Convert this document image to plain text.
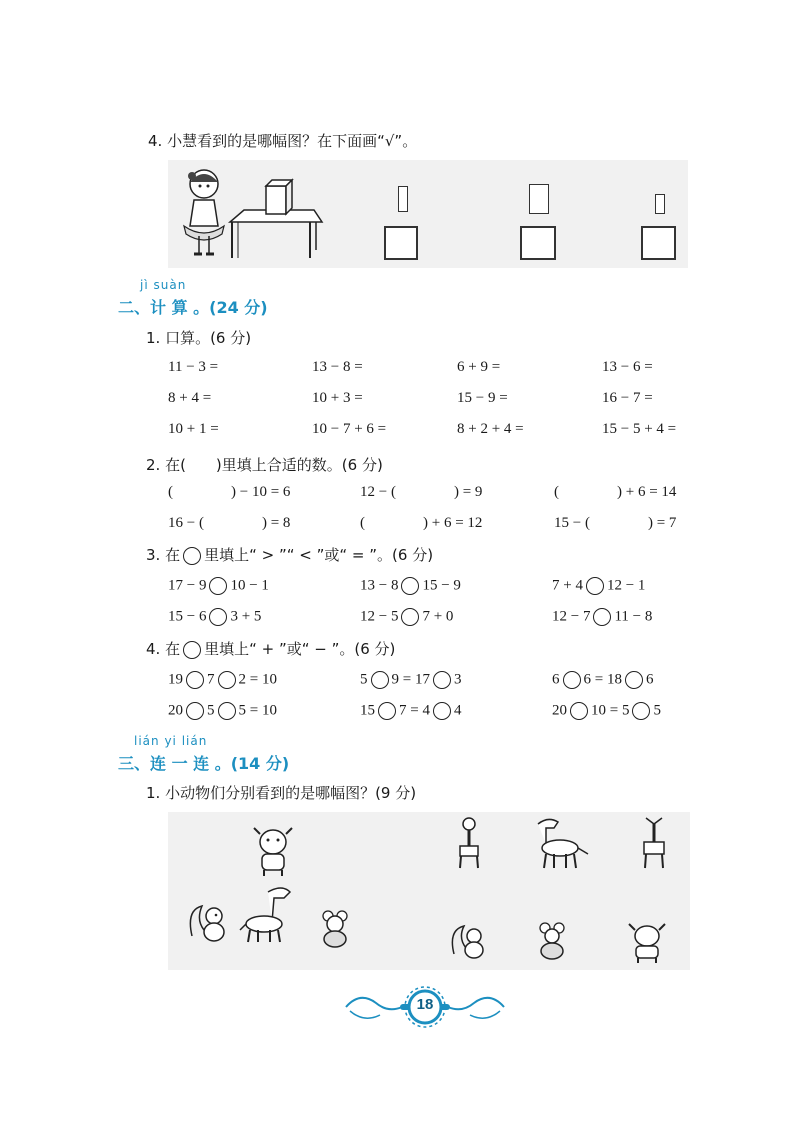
4. 小慧看到的是哪幅图？在下面画“√”。
jì suàn
二、计 算 。(24 分)
1. 口算。(6 分)
11 − 3 =	13 − 8 =	6 + 9 =	13 − 6 =
8 + 4 =	10 + 3 =	15 − 9 =	16 − 7 =
10 + 1 =	10 − 7 + 6 =	8 + 2 + 4 =	15 − 5 + 4 =
2. 在(　　)里填上合适的数。(6 分)
(	) − 10 = 6	12 − (	) = 9	(	) + 6 = 14
16 − (	) = 8	(	) + 6 = 12	15 − (	) = 7
3. 在 里填上“ > ”“ < ”或“ = ”。(6 分)
17 − 9 10 − 1	13 − 8 15 − 9	7 + 4 12 − 1
15 − 6 3 + 5	12 − 5 7 + 0	12 − 7 11 − 8
4. 在 里填上“ + ”或“ − ”。(6 分)
19 7 2 = 10	5 9 = 17 3	6 6 = 18 6
20 5 5 = 10	15 7 = 4 4	20 10 = 5 5
lián yi lián
三、连 一 连 。(14 分)
1. 小动物们分别看到的是哪幅图？(9 分)
18
